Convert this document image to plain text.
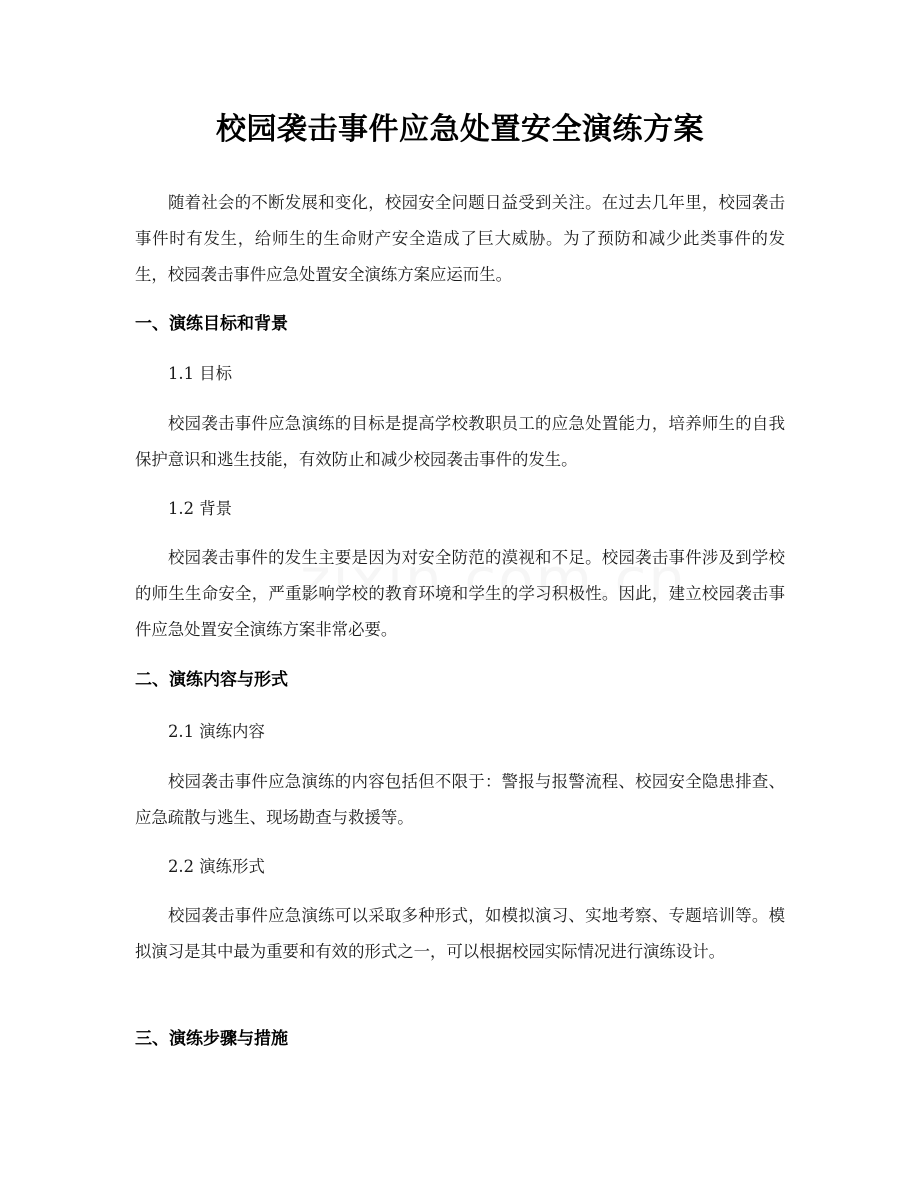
校园袭击事件应急处置安全演练方案

随着社会的不断发展和变化，校园安全问题日益受到关注。在过去几年里，校园袭击事件时有发生，给师生的生命财产安全造成了巨大威胁。为了预防和减少此类事件的发生，校园袭击事件应急处置安全演练方案应运而生。

一、演练目标和背景
1.1 目标

校园袭击事件应急演练的目标是提高学校教职员工的应急处置能力，培养师生的自我保护意识和逃生技能，有效防止和减少校园袭击事件的发生。

1.2 背景

校园袭击事件的发生主要是因为对安全防范的漠视和不足。校园袭击事件涉及到学校的师生生命安全，严重影响学校的教育环境和学生的学习积极性。因此，建立校园袭击事件应急处置安全演练方案非常必要。

二、演练内容与形式
2.1 演练内容

校园袭击事件应急演练的内容包括但不限于：警报与报警流程、校园安全隐患排查、应急疏散与逃生、现场勘查与救援等。

2.2 演练形式

校园袭击事件应急演练可以采取多种形式，如模拟演习、实地考察、专题培训等。模拟演习是其中最为重要和有效的形式之一，可以根据校园实际情况进行演练设计。

三、演练步骤与措施
